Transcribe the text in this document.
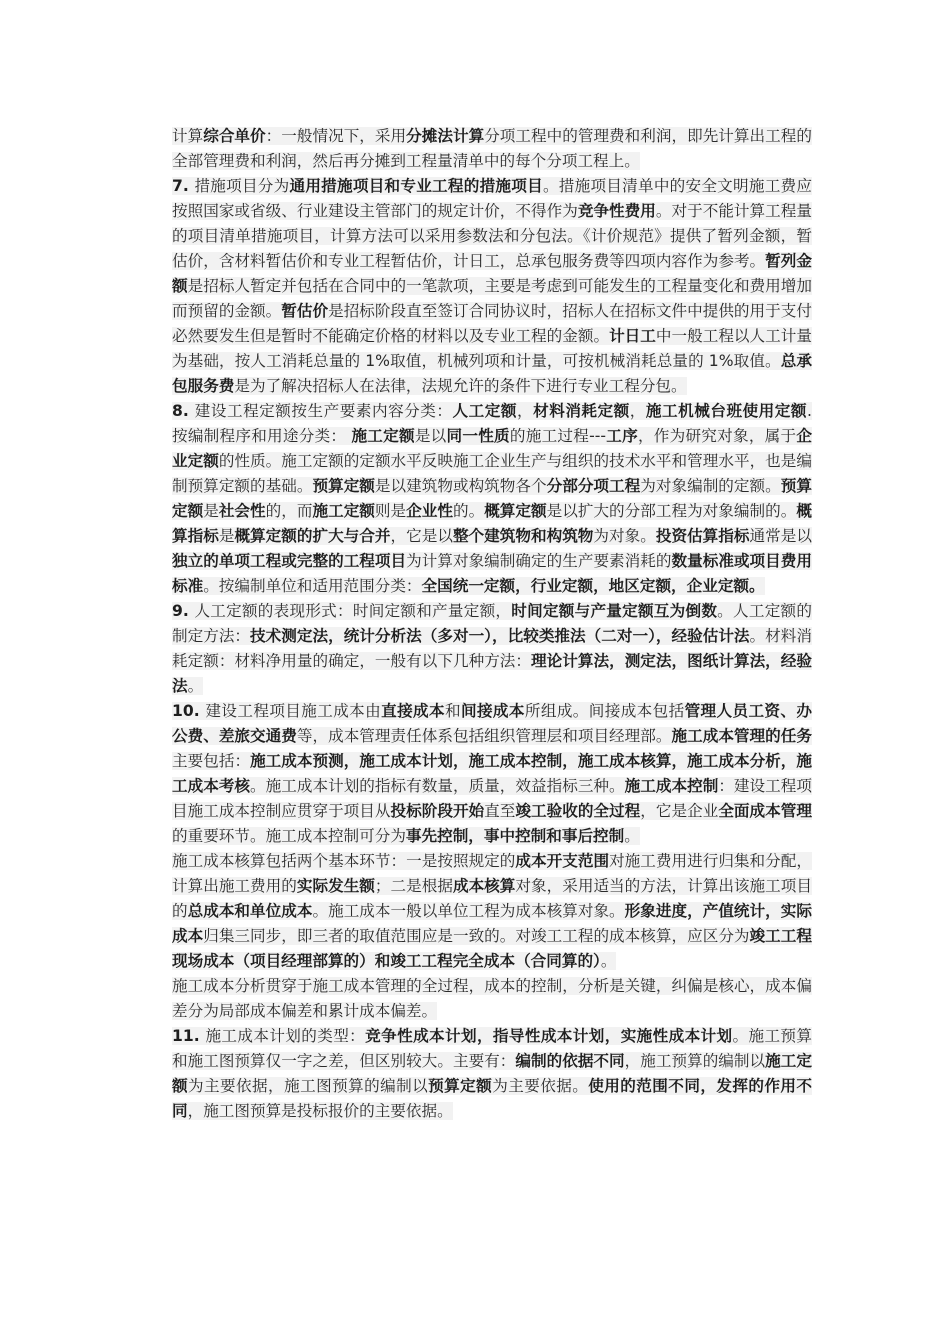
计算综合单价：一般情况下，采用分摊法计算分项工程中的管理费和利润，即先计算出工程的全部管理费和利润，然后再分摊到工程量清单中的每个分项工程上。

7. 措施项目分为通用措施项目和专业工程的措施项目。措施项目清单中的安全文明施工费应按照国家或省级、行业建设主管部门的规定计价，不得作为竞争性费用。对于不能计算工程量的项目清单措施项目，计算方法可以采用参数法和分包法。《计价规范》提供了暂列金额，暂估价，含材料暂估价和专业工程暂估价，计日工，总承包服务费等四项内容作为参考。暂列金额是招标人暂定并包括在合同中的一笔款项，主要是考虑到可能发生的工程量变化和费用增加而预留的金额。暂估价是招标阶段直至签订合同协议时，招标人在招标文件中提供的用于支付必然要发生但是暂时不能确定价格的材料以及专业工程的金额。计日工中一般工程以人工计量为基础，按人工消耗总量的 1%取值，机械列项和计量，可按机械消耗总量的 1%取值。总承包服务费是为了解决招标人在法律，法规允许的条件下进行专业工程分包。

8. 建设工程定额按生产要素内容分类：人工定额，材料消耗定额，施工机械台班使用定额. 按编制程序和用途分类： 施工定额是以同一性质的施工过程---工序，作为研究对象，属于企业定额的性质。施工定额的定额水平反映施工企业生产与组织的技术水平和管理水平，也是编制预算定额的基础。预算定额是以建筑物或构筑物各个分部分项工程为对象编制的定额。预算定额是社会性的，而施工定额则是企业性的。概算定额是以扩大的分部工程为对象编制的。概算指标是概算定额的扩大与合并，它是以整个建筑物和构筑物为对象。投资估算指标通常是以独立的单项工程或完整的工程项目为计算对象编制确定的生产要素消耗的数量标准或项目费用标准。按编制单位和适用范围分类：全国统一定额，行业定额，地区定额，企业定额。

9. 人工定额的表现形式：时间定额和产量定额，时间定额与产量定额互为倒数。人工定额的制定方法：技术测定法，统计分析法（多对一），比较类推法（二对一），经验估计法。材料消耗定额：材料净用量的确定，一般有以下几种方法：理论计算法，测定法，图纸计算法，经验法。

10. 建设工程项目施工成本由直接成本和间接成本所组成。间接成本包括管理人员工资、办公费、差旅交通费等，成本管理责任体系包括组织管理层和项目经理部。施工成本管理的任务主要包括：施工成本预测，施工成本计划，施工成本控制，施工成本核算，施工成本分析，施工成本考核。施工成本计划的指标有数量，质量，效益指标三种。施工成本控制：建设工程项目施工成本控制应贯穿于项目从投标阶段开始直至竣工验收的全过程，它是企业全面成本管理的重要环节。施工成本控制可分为事先控制，事中控制和事后控制。

施工成本核算包括两个基本环节：一是按照规定的成本开支范围对施工费用进行归集和分配，计算出施工费用的实际发生额；二是根据成本核算对象，采用适当的方法，计算出该施工项目的总成本和单位成本。施工成本一般以单位工程为成本核算对象。形象进度，产值统计，实际成本归集三同步，即三者的取值范围应是一致的。对竣工工程的成本核算，应区分为竣工工程现场成本（项目经理部算的）和竣工工程完全成本（合同算的）。

施工成本分析贯穿于施工成本管理的全过程，成本的控制，分析是关键，纠偏是核心，成本偏差分为局部成本偏差和累计成本偏差。

11. 施工成本计划的类型：竞争性成本计划，指导性成本计划，实施性成本计划。施工预算和施工图预算仅一字之差，但区别较大。主要有：编制的依据不同，施工预算的编制以施工定额为主要依据，施工图预算的编制以预算定额为主要依据。使用的范围不同，发挥的作用不同，施工图预算是投标报价的主要依据。
